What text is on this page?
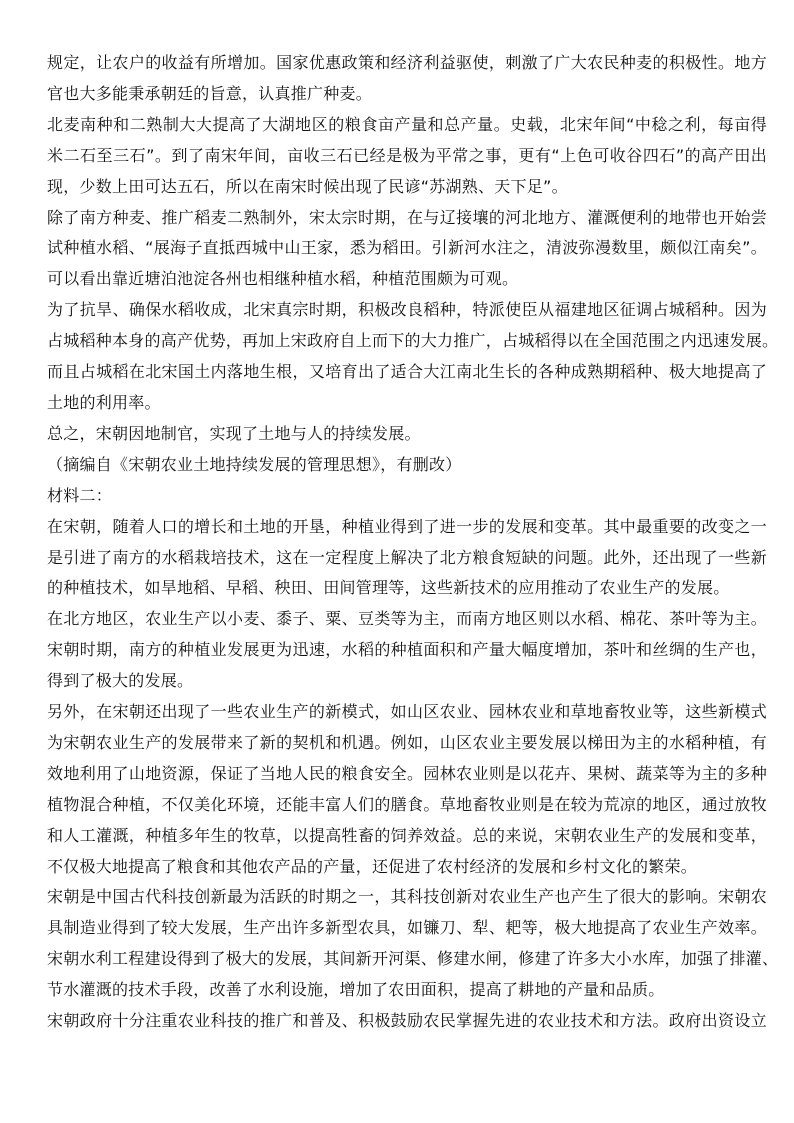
规定，让农户的收益有所增加。国家优惠政策和经济利益驱使，刺激了广大农民种麦的积极性。地方

官也大多能秉承朝廷的旨意，认真推广种麦。

北麦南种和二熟制大大提高了大湖地区的粮食亩产量和总产量。史载，北宋年间“中稔之利，每亩得

米二石至三石”。到了南宋年间，亩收三石已经是极为平常之事，更有“上色可收谷四石”的高产田出

现，少数上田可达五石，所以在南宋时候出现了民谚“苏湖熟、天下足”。

除了南方种麦、推广稻麦二熟制外，宋太宗时期，在与辽接壤的河北地方、灌溉便利的地带也开始尝

试种植水稻、“展海子直抵西城中山王家，悉为稻田。引新河水注之，清波弥漫数里，颇似江南矣”。

可以看出靠近塘泊池淀各州也相继种植水稻，种植范围颇为可观。

为了抗旱、确保水稻收成，北宋真宗时期，积极改良稻种，特派使臣从福建地区征调占城稻种。因为

占城稻种本身的高产优势，再加上宋政府自上而下的大力推广，占城稻得以在全国范围之内迅速发展。

而且占城稻在北宋国土内落地生根，又培育出了适合大江南北生长的各种成熟期稻种、极大地提高了

土地的利用率。

总之，宋朝因地制官，实现了土地与人的持续发展。

（摘编自《宋朝农业土地持续发展的管理思想》，有删改）

材料二：

在宋朝，随着人口的增长和土地的开垦，种植业得到了进一步的发展和变革。其中最重要的改变之一

是引进了南方的水稻栽培技术，这在一定程度上解决了北方粮食短缺的问题。此外，还出现了一些新

的种植技术，如旱地稻、早稻、秧田、田间管理等，这些新技术的应用推动了农业生产的发展。

在北方地区，农业生产以小麦、黍子、粟、豆类等为主，而南方地区则以水稻、棉花、茶叶等为主。

宋朝时期，南方的种植业发展更为迅速，水稻的种植面积和产量大幅度增加，茶叶和丝绸的生产也，

得到了极大的发展。

另外，在宋朝还出现了一些农业生产的新模式，如山区农业、园林农业和草地畜牧业等，这些新模式

为宋朝农业生产的发展带来了新的契机和机遇。例如，山区农业主要发展以梯田为主的水稻种植，有

效地利用了山地资源，保证了当地人民的粮食安全。园林农业则是以花卉、果树、蔬菜等为主的多种

植物混合种植，不仅美化环境，还能丰富人们的膳食。草地畜牧业则是在较为荒凉的地区，通过放牧

和人工灌溉，种植多年生的牧草，以提高牲畜的饲养效益。总的来说，宋朝农业生产的发展和变革，

不仅极大地提高了粮食和其他农产品的产量，还促进了农村经济的发展和乡村文化的繁荣。

宋朝是中国古代科技创新最为活跃的时期之一，其科技创新对农业生产也产生了很大的影响。宋朝农

具制造业得到了较大发展，生产出许多新型农具，如镰刀、犁、耙等，极大地提高了农业生产效率。

宋朝水利工程建设得到了极大的发展，其间新开河渠、修建水闸，修建了许多大小水库，加强了排灌、

节水灌溉的技术手段，改善了水利设施，增加了农田面积，提高了耕地的产量和品质。

宋朝政府十分注重农业科技的推广和普及、积极鼓励农民掌握先进的农业技术和方法。政府出资设立
